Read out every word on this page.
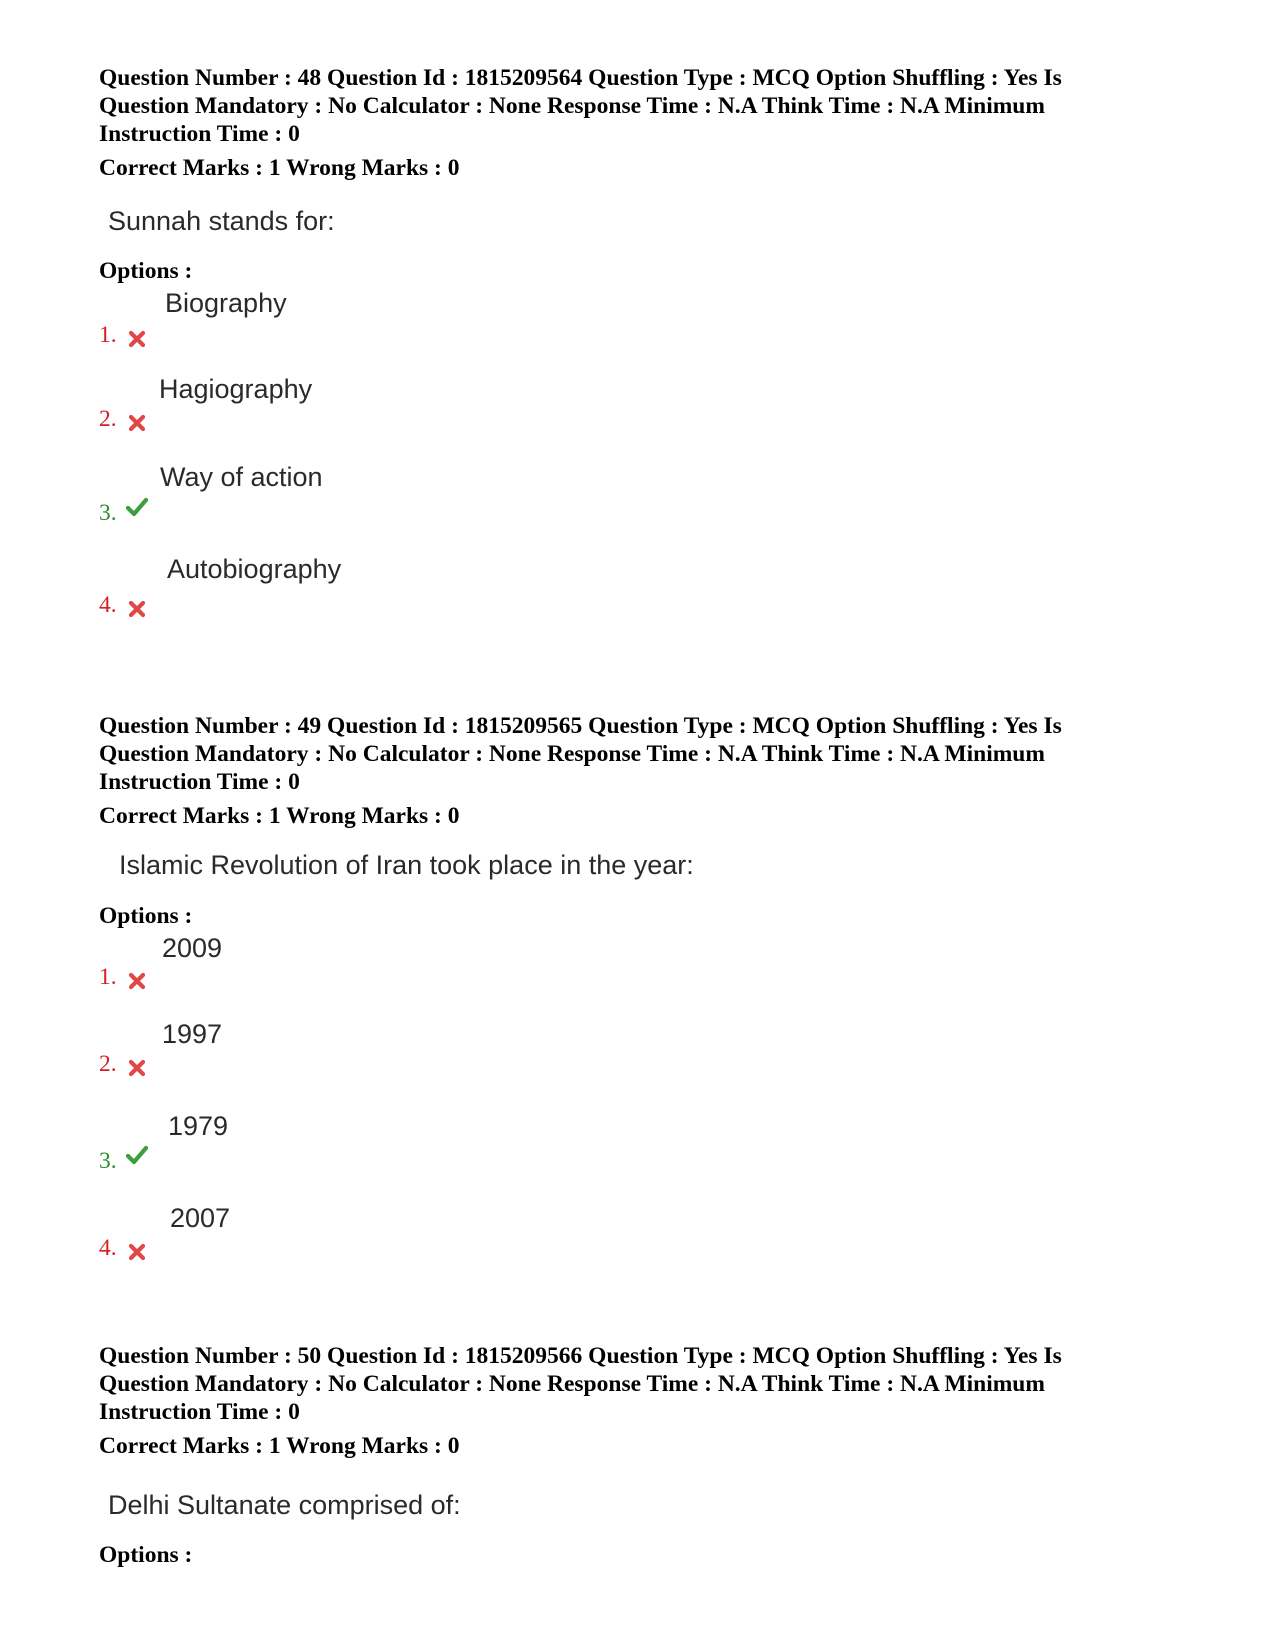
Question Number : 48 Question Id : 1815209564 Question Type : MCQ Option Shuffling : Yes Is

Question Mandatory : No Calculator : None Response Time : N.A Think Time : N.A Minimum

Instruction Time : 0

Correct Marks : 1 Wrong Marks : 0

Sunnah stands for:
Options :
1.
Biography
2.
Hagiography
3.
Way of action
4.
Autobiography

Question Number : 49 Question Id : 1815209565 Question Type : MCQ Option Shuffling : Yes Is

Question Mandatory : No Calculator : None Response Time : N.A Think Time : N.A Minimum

Instruction Time : 0

Correct Marks : 1 Wrong Marks : 0

Islamic Revolution of Iran took place in the year:
Options :
1.
2009
2.
1997
3.
1979
4.
2007

Question Number : 50 Question Id : 1815209566 Question Type : MCQ Option Shuffling : Yes Is

Question Mandatory : No Calculator : None Response Time : N.A Think Time : N.A Minimum

Instruction Time : 0

Correct Marks : 1 Wrong Marks : 0

Delhi Sultanate comprised of:
Options :
